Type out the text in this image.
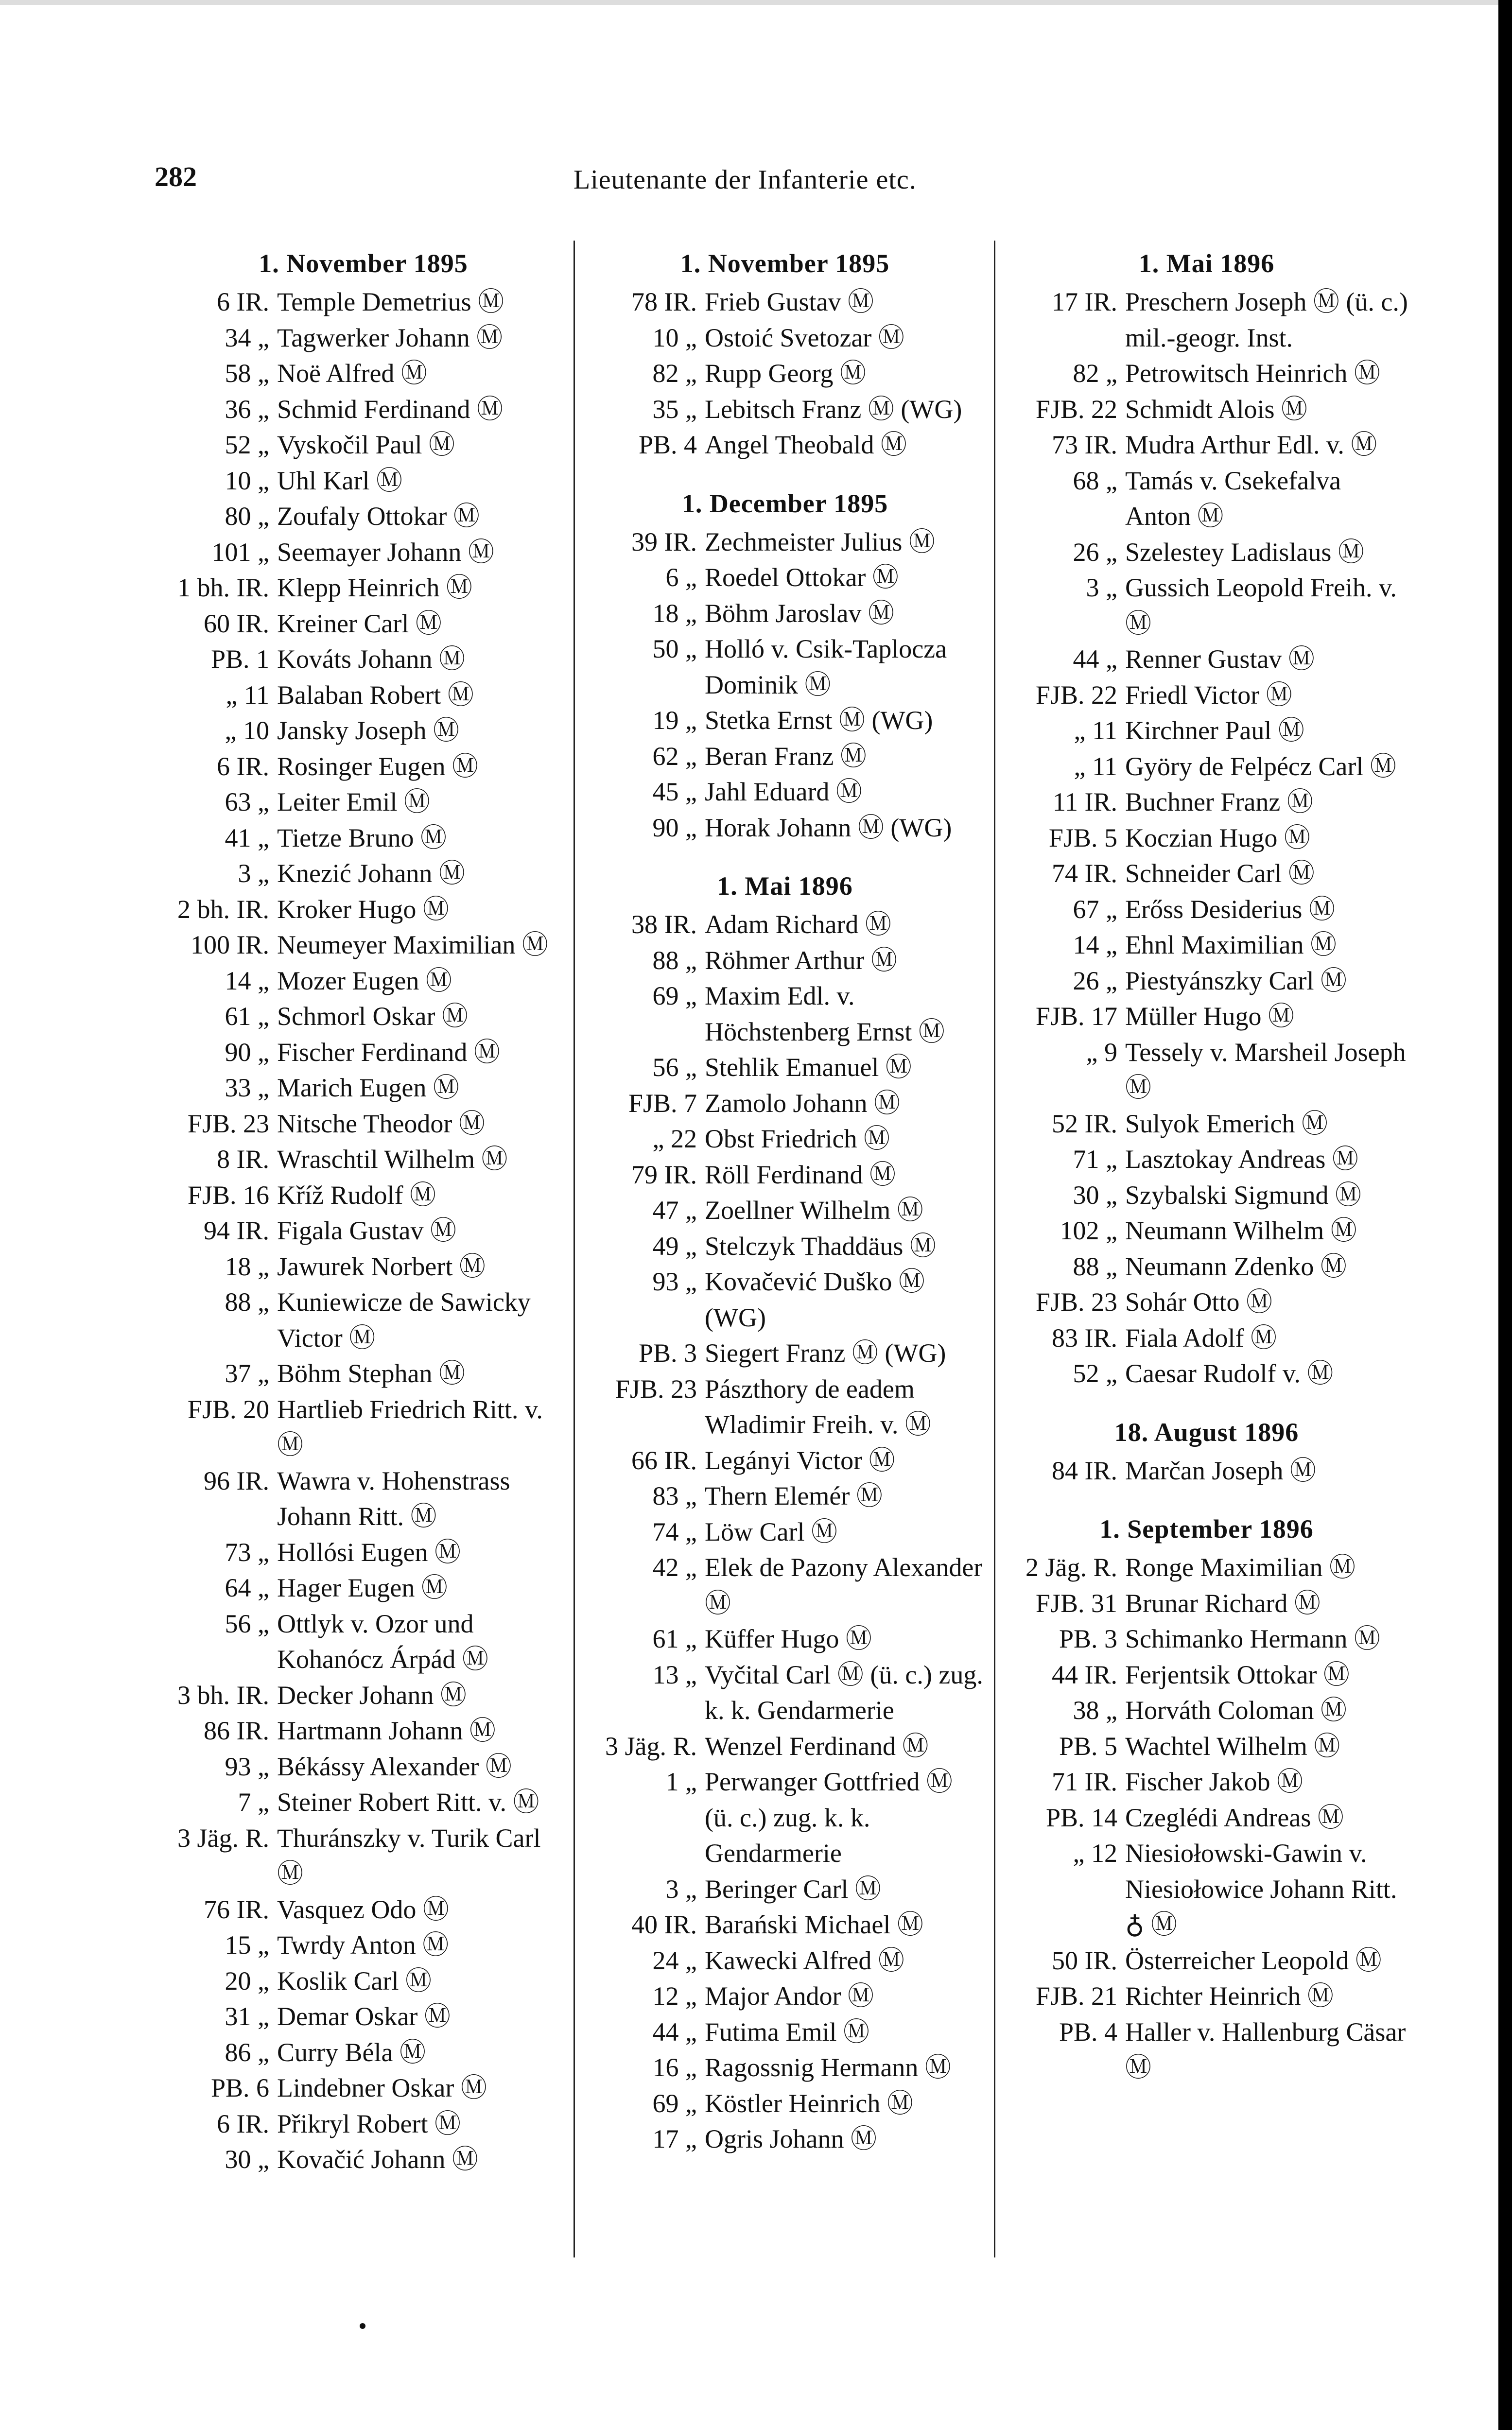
282	Lieutenante der Infanterie etc.
1. November 1895
6 IR. Temple Demetrius Ⓜ
34 „ Tagwerker Johann Ⓜ
58 „ Noë Alfred Ⓜ
36 „ Schmid Ferdinand Ⓜ
52 „ Vyskočil Paul Ⓜ
10 „ Uhl Karl Ⓜ
80 „ Zoufaly Ottokar Ⓜ
101 „ Seemayer Johann Ⓜ
1 bh. IR. Klepp Heinrich Ⓜ
60 IR. Kreiner Carl Ⓜ
PB. 1 Kováts Johann Ⓜ
„ 11 Balaban Robert Ⓜ
„ 10 Jansky Joseph Ⓜ
6 IR. Rosinger Eugen Ⓜ
63 „ Leiter Emil Ⓜ
41 „ Tietze Bruno Ⓜ
3 „ Knezić Johann Ⓜ
2 bh. IR. Kroker Hugo Ⓜ
100 IR. Neumeyer Maximilian Ⓜ
14 „ Mozer Eugen Ⓜ
61 „ Schmorl Oskar Ⓜ
90 „ Fischer Ferdinand Ⓜ
33 „ Marich Eugen Ⓜ
FJB. 23 Nitsche Theodor Ⓜ
8 IR. Wraschtil Wilhelm Ⓜ
FJB. 16 Kříž Rudolf Ⓜ
94 IR. Figala Gustav Ⓜ
18 „ Jawurek Norbert Ⓜ
88 „ Kuniewicze de Sawicky Victor Ⓜ
37 „ Böhm Stephan Ⓜ
FJB. 20 Hartlieb Friedrich Ritt. v. Ⓜ
96 IR. Wawra v. Hohenstrass Johann Ritt. Ⓜ
73 „ Hollósi Eugen Ⓜ
64 „ Hager Eugen Ⓜ
56 „ Ottlyk v. Ozor und Kohanócz Árpád Ⓜ
3 bh. IR. Decker Johann Ⓜ
86 IR. Hartmann Johann Ⓜ
93 „ Békássy Alexander Ⓜ
7 „ Steiner Robert Ritt. v. Ⓜ
3 Jäg. R. Thuránszky v. Turik Carl Ⓜ
76 IR. Vasquez Odo Ⓜ
15 „ Twrdy Anton Ⓜ
20 „ Koslik Carl Ⓜ
31 „ Demar Oskar Ⓜ
86 „ Curry Béla Ⓜ
PB. 6 Lindebner Oskar Ⓜ
6 IR. Přikryl Robert Ⓜ
30 „ Kovačić Johann Ⓜ
1. November 1895
78 IR. Frieb Gustav Ⓜ
10 „ Ostoić Svetozar Ⓜ
82 „ Rupp Georg Ⓜ
35 „ Lebitsch Franz Ⓜ (WG)
PB. 4 Angel Theobald Ⓜ
1. December 1895
39 IR. Zechmeister Julius Ⓜ
6 „ Roedel Ottokar Ⓜ
18 „ Böhm Jaroslav Ⓜ
50 „ Holló v. Csik-Taplocza Dominik Ⓜ
19 „ Stetka Ernst Ⓜ (WG)
62 „ Beran Franz Ⓜ
45 „ Jahl Eduard Ⓜ
90 „ Horak Johann Ⓜ (WG)
1. Mai 1896
38 IR. Adam Richard Ⓜ
88 „ Röhmer Arthur Ⓜ
69 „ Maxim Edl. v. Höchstenberg Ernst Ⓜ
56 „ Stehlik Emanuel Ⓜ
FJB. 7 Zamolo Johann Ⓜ
„ 22 Obst Friedrich Ⓜ
79 IR. Röll Ferdinand Ⓜ
47 „ Zoellner Wilhelm Ⓜ
49 „ Stelczyk Thaddäus Ⓜ
93 „ Kovačević Duško Ⓜ (WG)
PB. 3 Siegert Franz Ⓜ (WG)
FJB. 23 Pászthory de eadem Wladimir Freih. v. Ⓜ
66 IR. Legányi Victor Ⓜ
83 „ Thern Elemér Ⓜ
74 „ Löw Carl Ⓜ
42 „ Elek de Pazony Alexander Ⓜ
61 „ Küffer Hugo Ⓜ
13 „ Vyčital Carl Ⓜ (ü. c.) zug. k. k. Gendarmerie
3 Jäg. R. Wenzel Ferdinand Ⓜ
1 „ Perwanger Gottfried Ⓜ (ü. c.) zug. k. k. Gendarmerie
3 „ Beringer Carl Ⓜ
40 IR. Barański Michael Ⓜ
24 „ Kawecki Alfred Ⓜ
12 „ Major Andor Ⓜ
44 „ Futima Emil Ⓜ
16 „ Ragossnig Hermann Ⓜ
69 „ Köstler Heinrich Ⓜ
17 „ Ogris Johann Ⓜ
1. Mai 1896
17 IR. Preschern Joseph Ⓜ (ü. c.) mil.-geogr. Inst.
82 „ Petrowitsch Heinrich Ⓜ
FJB. 22 Schmidt Alois Ⓜ
73 IR. Mudra Arthur Edl. v. Ⓜ
68 „ Tamás v. Csekefalva Anton Ⓜ
26 „ Szelestey Ladislaus Ⓜ
3 „ Gussich Leopold Freih. v. Ⓜ
44 „ Renner Gustav Ⓜ
FJB. 22 Friedl Victor Ⓜ
„ 11 Kirchner Paul Ⓜ
„ 11 Györy de Felpécz Carl Ⓜ
11 IR. Buchner Franz Ⓜ
FJB. 5 Koczian Hugo Ⓜ
74 IR. Schneider Carl Ⓜ
67 „ Erőss Desiderius Ⓜ
14 „ Ehnl Maximilian Ⓜ
26 „ Piestyánszky Carl Ⓜ
FJB. 17 Müller Hugo Ⓜ
„ 9 Tessely v. Marsheil Joseph Ⓜ
52 IR. Sulyok Emerich Ⓜ
71 „ Lasztokay Andreas Ⓜ
30 „ Szybalski Sigmund Ⓜ
102 „ Neumann Wilhelm Ⓜ
88 „ Neumann Zdenko Ⓜ
FJB. 23 Sohár Otto Ⓜ
83 IR. Fiala Adolf Ⓜ
52 „ Caesar Rudolf v. Ⓜ
18. August 1896
84 IR. Marčan Joseph Ⓜ
1. September 1896
2 Jäg. R. Ronge Maximilian Ⓜ
FJB. 31 Brunar Richard Ⓜ
PB. 3 Schimanko Hermann Ⓜ
44 IR. Ferjentsik Ottokar Ⓜ
38 „ Horváth Coloman Ⓜ
PB. 5 Wachtel Wilhelm Ⓜ
71 IR. Fischer Jakob Ⓜ
PB. 14 Czeglédi Andreas Ⓜ
„ 12 Niesiołowski-Gawin v. Niesiołowice Johann Ritt. ♁ Ⓜ
50 IR. Österreicher Leopold Ⓜ
FJB. 21 Richter Heinrich Ⓜ
PB. 4 Haller v. Hallenburg Cäsar Ⓜ
